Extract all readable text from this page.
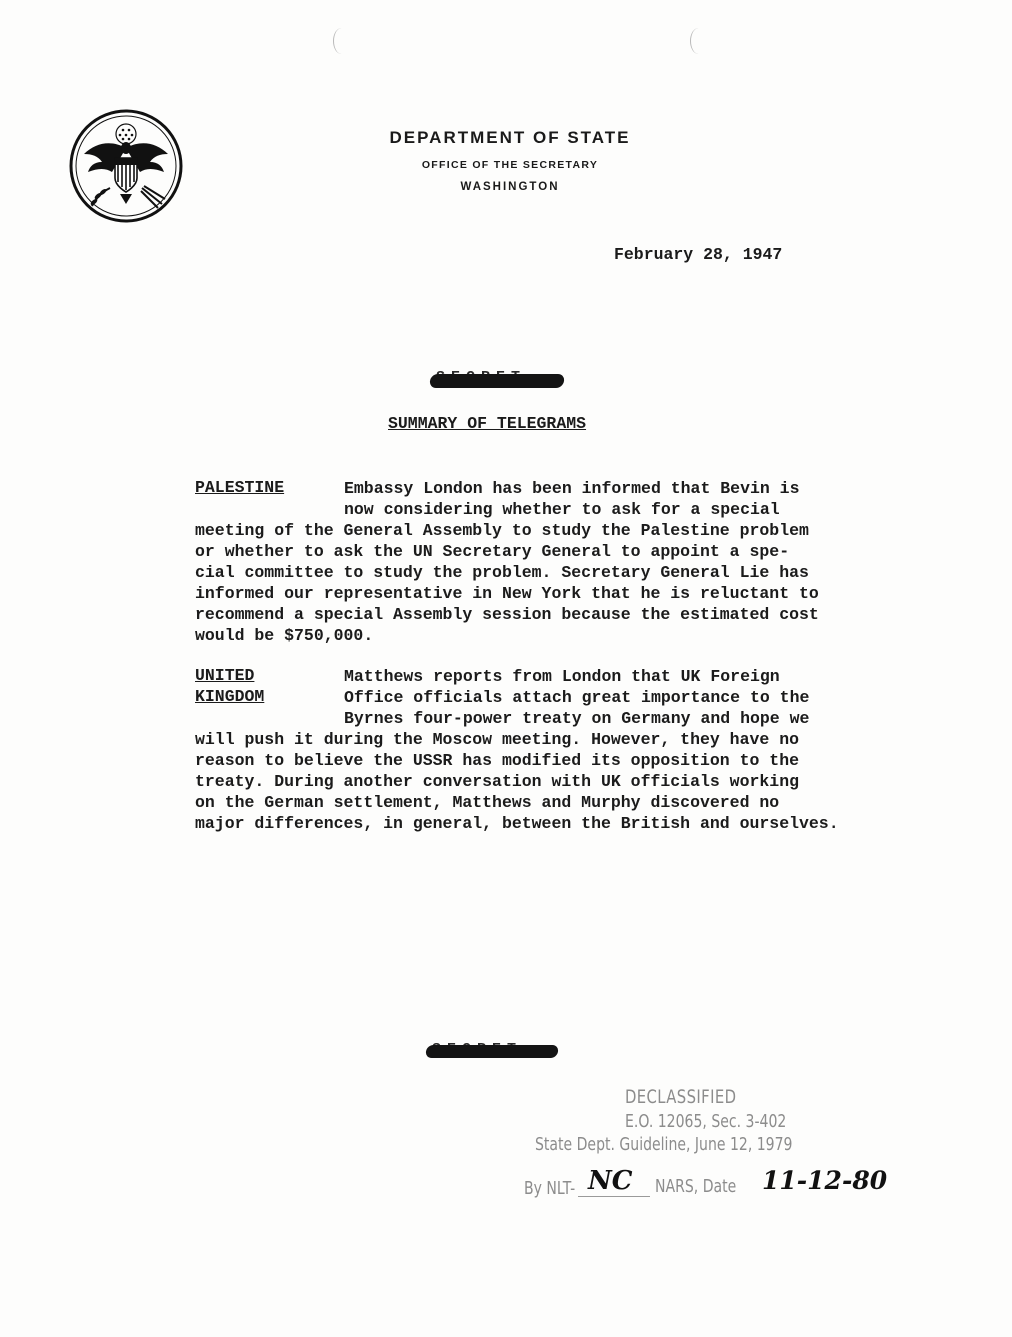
DEPARTMENT OF STATE
OFFICE OF THE SECRETARY
WASHINGTON
February 28, 1947
SUMMARY OF TELEGRAMS
PALESTINE	Embassy London has been informed that Bevin is
now considering whether to ask for a special
meeting of the General Assembly to study the Palestine problem
or whether to ask the UN Secretary General to appoint a spe-
cial committee to study the problem. Secretary General Lie has
informed our representative in New York that he is reluctant to
recommend a special Assembly session because the estimated cost
would be $750,000.
UNITED
KINGDOM
Matthews reports from London that UK Foreign
Office officials attach great importance to the
Byrnes four-power treaty on Germany and hope we
will push it during the Moscow meeting. However, they have no
reason to believe the USSR has modified its opposition to the
treaty. During another conversation with UK officials working
on the German settlement, Matthews and Murphy discovered no
major differences, in general, between the British and ourselves.
DECLASSIFIED
E.O. 12065, Sec. 3-402
State Dept. Guideline, June 12, 1979
By NLT- NC NARS, Date 11-12-80
